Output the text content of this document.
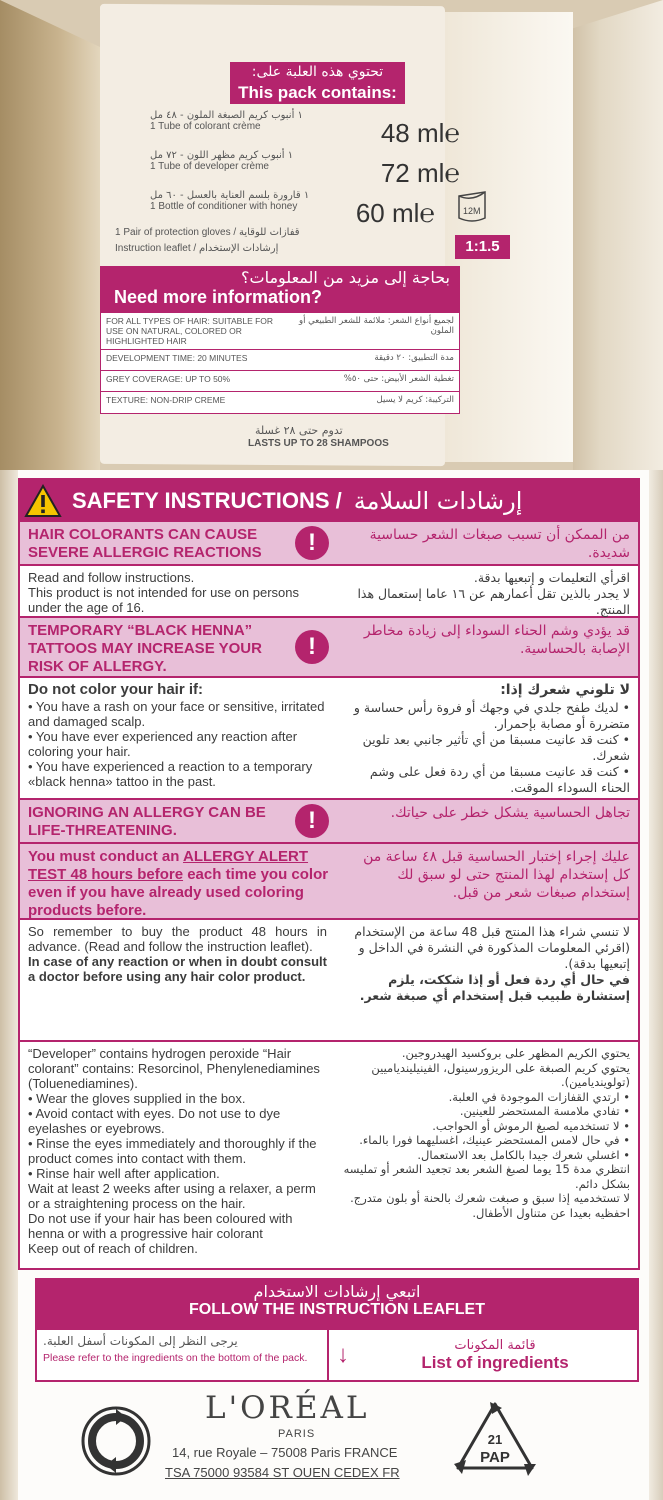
تحتوي هذه العلبة على:
This pack contains:
١ أنبوب كريم الصبغة الملون - ٤٨ مل
1 Tube of colorant crème	48 ml℮
١ أنبوب كريم مظهر اللون - ٧٢ مل
1 Tube of developer crème	72 ml℮
١ قارورة بلسم العناية بالعسل - ٦٠ مل
1 Bottle of conditioner with honey	60 ml℮	12M
1 Pair of protection gloves / قفازات للوقاية
Instruction leaflet / إرشادات الإستخدام	1:1.5
بحاجة إلى مزيد من المعلومات؟
Need more information?
FOR ALL TYPES OF HAIR: SUITABLE FOR USE ON NATURAL, COLORED OR HIGHLIGHTED HAIR
لجميع أنواع الشعر: ملائمة للشعر الطبيعي أو الملون
DEVELOPMENT TIME: 20 MINUTES	مدة التطبيق: ٢٠ دقيقة
GREY COVERAGE: UP TO 50%	تغطية الشعر الأبيض: حتى ٥٠%
TEXTURE: NON-DRIP CREME	التركيبة: كريم لا يسيل
تدوم حتى ٢٨ غسلة
LASTS UP TO 28 SHAMPOOS
SAFETY INSTRUCTIONS / إرشادات السلامة
HAIR COLORANTS CAN CAUSE SEVERE ALLERGIC REACTIONS	!	من الممكن أن تسبب صبغات الشعر حساسية شديدة.
Read and follow instructions.
This product is not intended for use on persons under the age of 16.
اقرأي التعليمات و إتبعيها بدقة.
لا يجدر بالذين تقل أعمارهم عن ١٦ عاما إستعمال هذا المنتج.
TEMPORARY “BLACK HENNA” TATTOOS MAY INCREASE YOUR RISK OF ALLERGY.
!
قد يؤدي وشم الحناء السوداء إلى زيادة مخاطر الإصابة بالحساسية.
Do not color your hair if:
• You have a rash on your face or sensitive, irritated and damaged scalp.
• You have ever experienced any reaction after coloring your hair.
• You have experienced a reaction to a temporary «black henna» tattoo in the past.
لا تلوني شعرك إذا:
• لديك طفح جلدي في وجهك أو فروة رأس حساسة و متضررة أو مصابة بإحمرار.
• كنت قد عانيت مسبقا من أي تأثير جانبي بعد تلوين شعرك.
• كنت قد عانيت مسبقا من أي ردة فعل على وشم الحناء السوداء الموقت.
IGNORING AN ALLERGY CAN BE LIFE-THREATENING.	!	تجاهل الحساسية يشكل خطر على حياتك.
You must conduct an ALLERGY ALERT TEST 48 hours before each time you color even if you have already used coloring products before.
عليك إجراء إختبار الحساسية قبل ٤٨ ساعة من كل إستخدام لهذا المنتج حتى لو سبق لك إستخدام صبغات شعر من قبل.
So remember to buy the product 48 hours in advance. (Read and follow the instruction leaflet).
In case of any reaction or when in doubt consult a doctor before using any hair color product.
لا تنسي شراء هذا المنتج قبل 48 ساعة من الإستخدام (اقرئي المعلومات المذكورة في النشرة في الداخل و إتبعيها بدقة).
في حال أي ردة فعل أو إذا شككت، يلزم إستشارة طبيب قبل إستخدام أي صبغة شعر.
“Developer” contains hydrogen peroxide “Hair colorant” contains: Resorcinol, Phenylenediamines (Toluenediamines).
• Wear the gloves supplied in the box.
• Avoid contact with eyes. Do not use to dye eyelashes or eyebrows.
• Rinse the eyes immediately and thoroughly if the product comes into contact with them.
• Rinse hair well after application.
Wait at least 2 weeks after using a relaxer, a perm or a straightening process on the hair.
Do not use if your hair has been coloured with henna or with a progressive hair colorant
Keep out of reach of children.
يحتوي الكريم المظهر على بروكسيد الهيدروجين.
يحتوي كريم الصبغة على الريزورسينول، الفينيليندياميين (تولوينديامين).
• ارتدي القفازات الموجودة في العلبة.
• تفادي ملامسة المستحضر للعينين.
• لا تستخدميه لصبغ الرموش أو الحواجب.
• في حال لامس المستحضر عينيك، اغسليهما فورا بالماء.
• اغسلي شعرك جيدا بالكامل بعد الاستعمال.
انتظري مدة 15 يوما لصبغ الشعر بعد تجعيد الشعر أو تمليسه بشكل دائم.
لا تستخدميه إذا سبق و صبغت شعرك بالحنة أو بلون متدرج.
احفظيه بعيدا عن متناول الأطفال.
اتبعي إرشادات الاستخدام
FOLLOW THE INSTRUCTION LEAFLET
يرجى النظر إلى المكونات أسفل العلبة.
Please refer to the ingredients on the bottom of the pack.	↓	قائمة المكونات
List of ingredients
L'ORÉAL
PARIS
14, rue Royale – 75008 Paris FRANCE
TSA 75000 93584 ST OUEN CEDEX FR
21
PAP
